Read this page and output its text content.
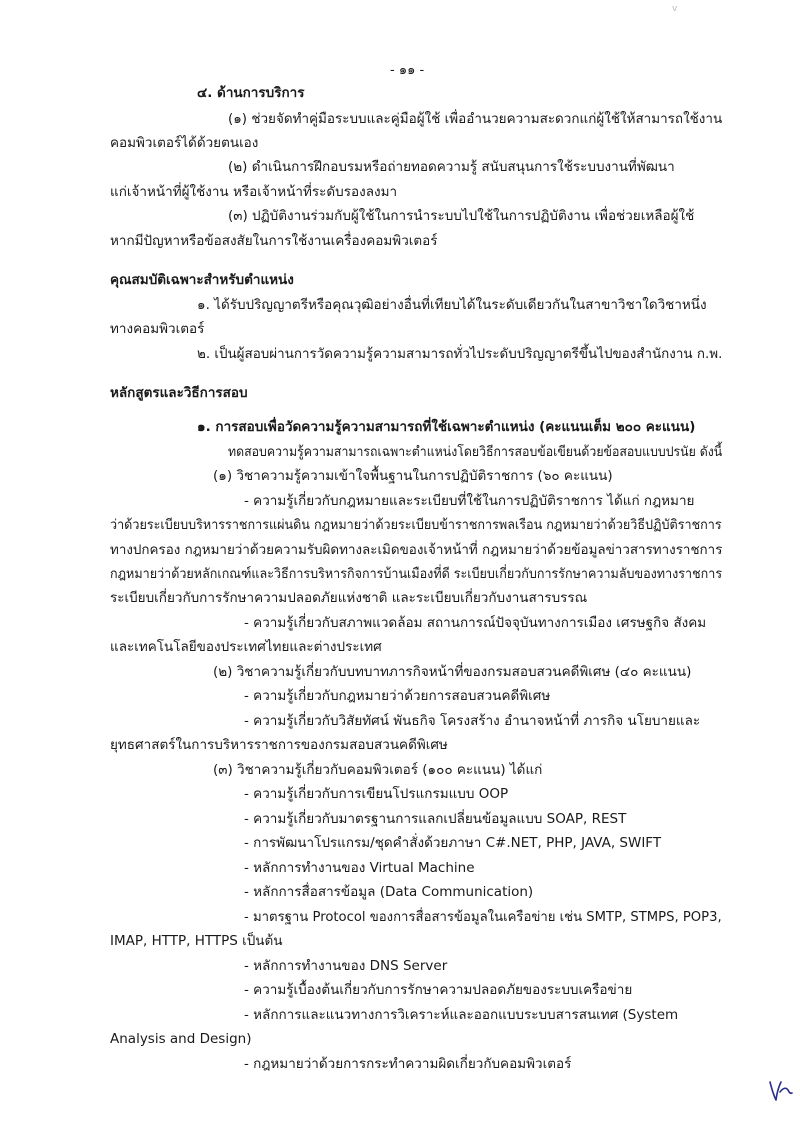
v
- ๑๑ -
๔. ด้านการบริการ
(๑) ช่วยจัดทำคู่มือระบบและคู่มือผู้ใช้ เพื่ออำนวยความสะดวกแก่ผู้ใช้ให้สามารถใช้งาน
คอมพิวเตอร์ได้ด้วยตนเอง
(๒) ดำเนินการฝึกอบรมหรือถ่ายทอดความรู้ สนับสนุนการใช้ระบบงานที่พัฒนา
แก่เจ้าหน้าที่ผู้ใช้งาน หรือเจ้าหน้าที่ระดับรองลงมา
(๓) ปฏิบัติงานร่วมกับผู้ใช้ในการนำระบบไปใช้ในการปฏิบัติงาน เพื่อช่วยเหลือผู้ใช้
หากมีปัญหาหรือข้อสงสัยในการใช้งานเครื่องคอมพิวเตอร์
คุณสมบัติเฉพาะสำหรับตำแหน่ง
๑. ได้รับปริญญาตรีหรือคุณวุฒิอย่างอื่นที่เทียบได้ในระดับเดียวกันในสาขาวิชาใดวิชาหนึ่ง
ทางคอมพิวเตอร์
๒. เป็นผู้สอบผ่านการวัดความรู้ความสามารถทั่วไประดับปริญญาตรีขึ้นไปของสำนักงาน ก.พ.
หลักสูตรและวิธีการสอบ
๑. การสอบเพื่อวัดความรู้ความสามารถที่ใช้เฉพาะตำแหน่ง (คะแนนเต็ม ๒๐๐ คะแนน)
ทดสอบความรู้ความสามารถเฉพาะตำแหน่งโดยวิธีการสอบข้อเขียนด้วยข้อสอบแบบปรนัย ดังนี้
(๑) วิชาความรู้ความเข้าใจพื้นฐานในการปฏิบัติราชการ (๖๐ คะแนน)
- ความรู้เกี่ยวกับกฎหมายและระเบียบที่ใช้ในการปฏิบัติราชการ ได้แก่ กฎหมาย
ว่าด้วยระเบียบบริหารราชการแผ่นดิน กฎหมายว่าด้วยระเบียบข้าราชการพลเรือน กฎหมายว่าด้วยวิธีปฏิบัติราชการ
ทางปกครอง กฎหมายว่าด้วยความรับผิดทางละเมิดของเจ้าหน้าที่ กฎหมายว่าด้วยข้อมูลข่าวสารทางราชการ
กฎหมายว่าด้วยหลักเกณฑ์และวิธีการบริหารกิจการบ้านเมืองที่ดี ระเบียบเกี่ยวกับการรักษาความลับของทางราชการ
ระเบียบเกี่ยวกับการรักษาความปลอดภัยแห่งชาติ และระเบียบเกี่ยวกับงานสารบรรณ
- ความรู้เกี่ยวกับสภาพแวดล้อม สถานการณ์ปัจจุบันทางการเมือง เศรษฐกิจ สังคม
และเทคโนโลยีของประเทศไทยและต่างประเทศ
(๒) วิชาความรู้เกี่ยวกับบทบาทภารกิจหน้าที่ของกรมสอบสวนคดีพิเศษ (๔๐ คะแนน)
- ความรู้เกี่ยวกับกฎหมายว่าด้วยการสอบสวนคดีพิเศษ
- ความรู้เกี่ยวกับวิสัยทัศน์ พันธกิจ โครงสร้าง อำนาจหน้าที่ ภารกิจ นโยบายและ
ยุทธศาสตร์ในการบริหารราชการของกรมสอบสวนคดีพิเศษ
(๓) วิชาความรู้เกี่ยวกับคอมพิวเตอร์ (๑๐๐ คะแนน) ได้แก่
- ความรู้เกี่ยวกับการเขียนโปรแกรมแบบ OOP
- ความรู้เกี่ยวกับมาตรฐานการแลกเปลี่ยนข้อมูลแบบ SOAP, REST
- การพัฒนาโปรแกรม/ชุดคำสั่งด้วยภาษา C#.NET, PHP, JAVA, SWIFT
- หลักการทำงานของ Virtual Machine
- หลักการสื่อสารข้อมูล (Data Communication)
- มาตรฐาน Protocol ของการสื่อสารข้อมูลในเครือข่าย เช่น SMTP, STMPS, POP3,
IMAP, HTTP, HTTPS เป็นต้น
- หลักการทำงานของ DNS Server
- ความรู้เบื้องต้นเกี่ยวกับการรักษาความปลอดภัยของระบบเครือข่าย
- หลักการและแนวทางการวิเคราะห์และออกแบบระบบสารสนเทศ (System
Analysis and Design)
- กฎหมายว่าด้วยการกระทำความผิดเกี่ยวกับคอมพิวเตอร์
